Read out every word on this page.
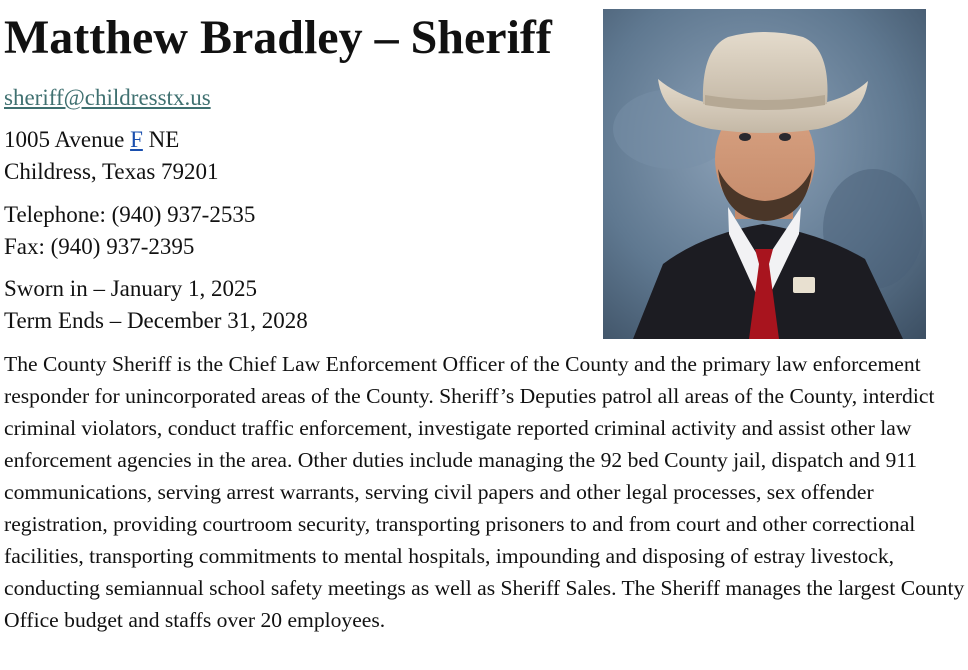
Matthew Bradley – Sheriff
sheriff@childresstx.us
1005 Avenue F NE
Childress, Texas 79201
Telephone: (940) 937-2535
Fax: (940) 937-2395
Sworn in – January 1, 2025
Term Ends – December 31, 2028

The County Sheriff is the Chief Law Enforcement Officer of the County and the primary law enforcement responder for unincorporated areas of the County. Sheriff’s Deputies patrol all areas of the County, interdict criminal violators, conduct traffic enforcement, investigate reported criminal activity and assist other law enforcement agencies in the area. Other duties include managing the 92 bed County jail, dispatch and 911 communications, serving arrest warrants, serving civil papers and other legal processes, sex offender registration, providing courtroom security, transporting prisoners to and from court and other correctional facilities, transporting commitments to mental hospitals, impounding and disposing of estray livestock, conducting semiannual school safety meetings as well as Sheriff Sales. The Sheriff manages the largest County Office budget and staffs over 20 employees.
